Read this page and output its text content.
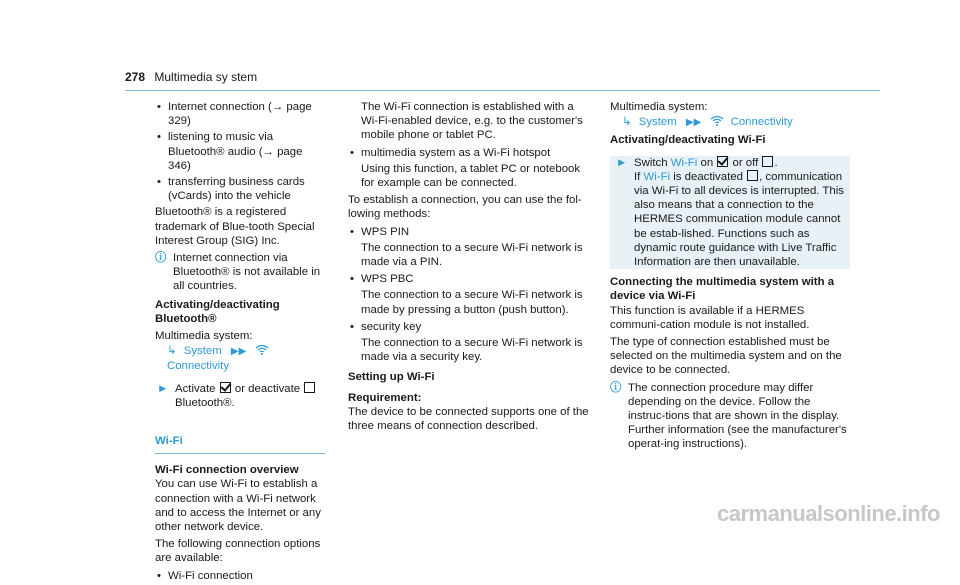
278 Multimedia sy stem
• Internet connection (→ page 329)
• listening to music via Bluetooth® audio (→ page 346)
• transferring business cards (vCards) into the vehicle

Bluetooth® is a registered trademark of Blue-tooth Special Interest Group (SIG) Inc.

ⓘ Internet connection via Bluetooth® is not available in all countries.

Activating/deactivating Bluetooth®

Multimedia system:

↳ System ▶▶  Connectivity
► Activate or deactivate  Bluetooth®.
Wi-Fi

Wi-Fi connection overview

You can use Wi-Fi to establish a connection with a Wi-Fi network and to access the Internet or any other network device.

The following connection options are available:

• Wi-Fi connection

The Wi-Fi connection is established with a Wi-Fi-enabled device, e.g. to the customer's mobile phone or tablet PC.

• multimedia system as a Wi-Fi hotspot

Using this function, a tablet PC or notebook for example can be connected.

To establish a connection, you can use the fol-lowing methods:

• WPS PIN

The connection to a secure Wi-Fi network is made via a PIN.

• WPS PBC

The connection to a secure Wi-Fi network is made by pressing a button (push button).

• security key

The connection to a secure Wi-Fi network is made via a security key.

Setting up Wi-Fi

Requirement:

The device to be connected supports one of the three means of connection described.

Multimedia system:

↳ System ▶▶	Connectivity

Activating/deactivating Wi-Fi

► Switch Wi-Fi on or off .
If Wi-Fi is deactivated , communication via Wi-Fi to all devices is interrupted. This also means that a connection to the HERMES communication module cannot be estab-lished. Functions such as dynamic route guidance with Live Traffic Information are then unavailable.

Connecting the multimedia system with a device via Wi-Fi

This function is available if a HERMES communi-cation module is not installed.

The type of connection established must be selected on the multimedia system and on the device to be connected.

ⓘ The connection procedure may differ depending on the device. Follow the instruc-tions that are shown in the display. Further information (see the manufacturer's operat-ing instructions).
carmanualsonline.info
